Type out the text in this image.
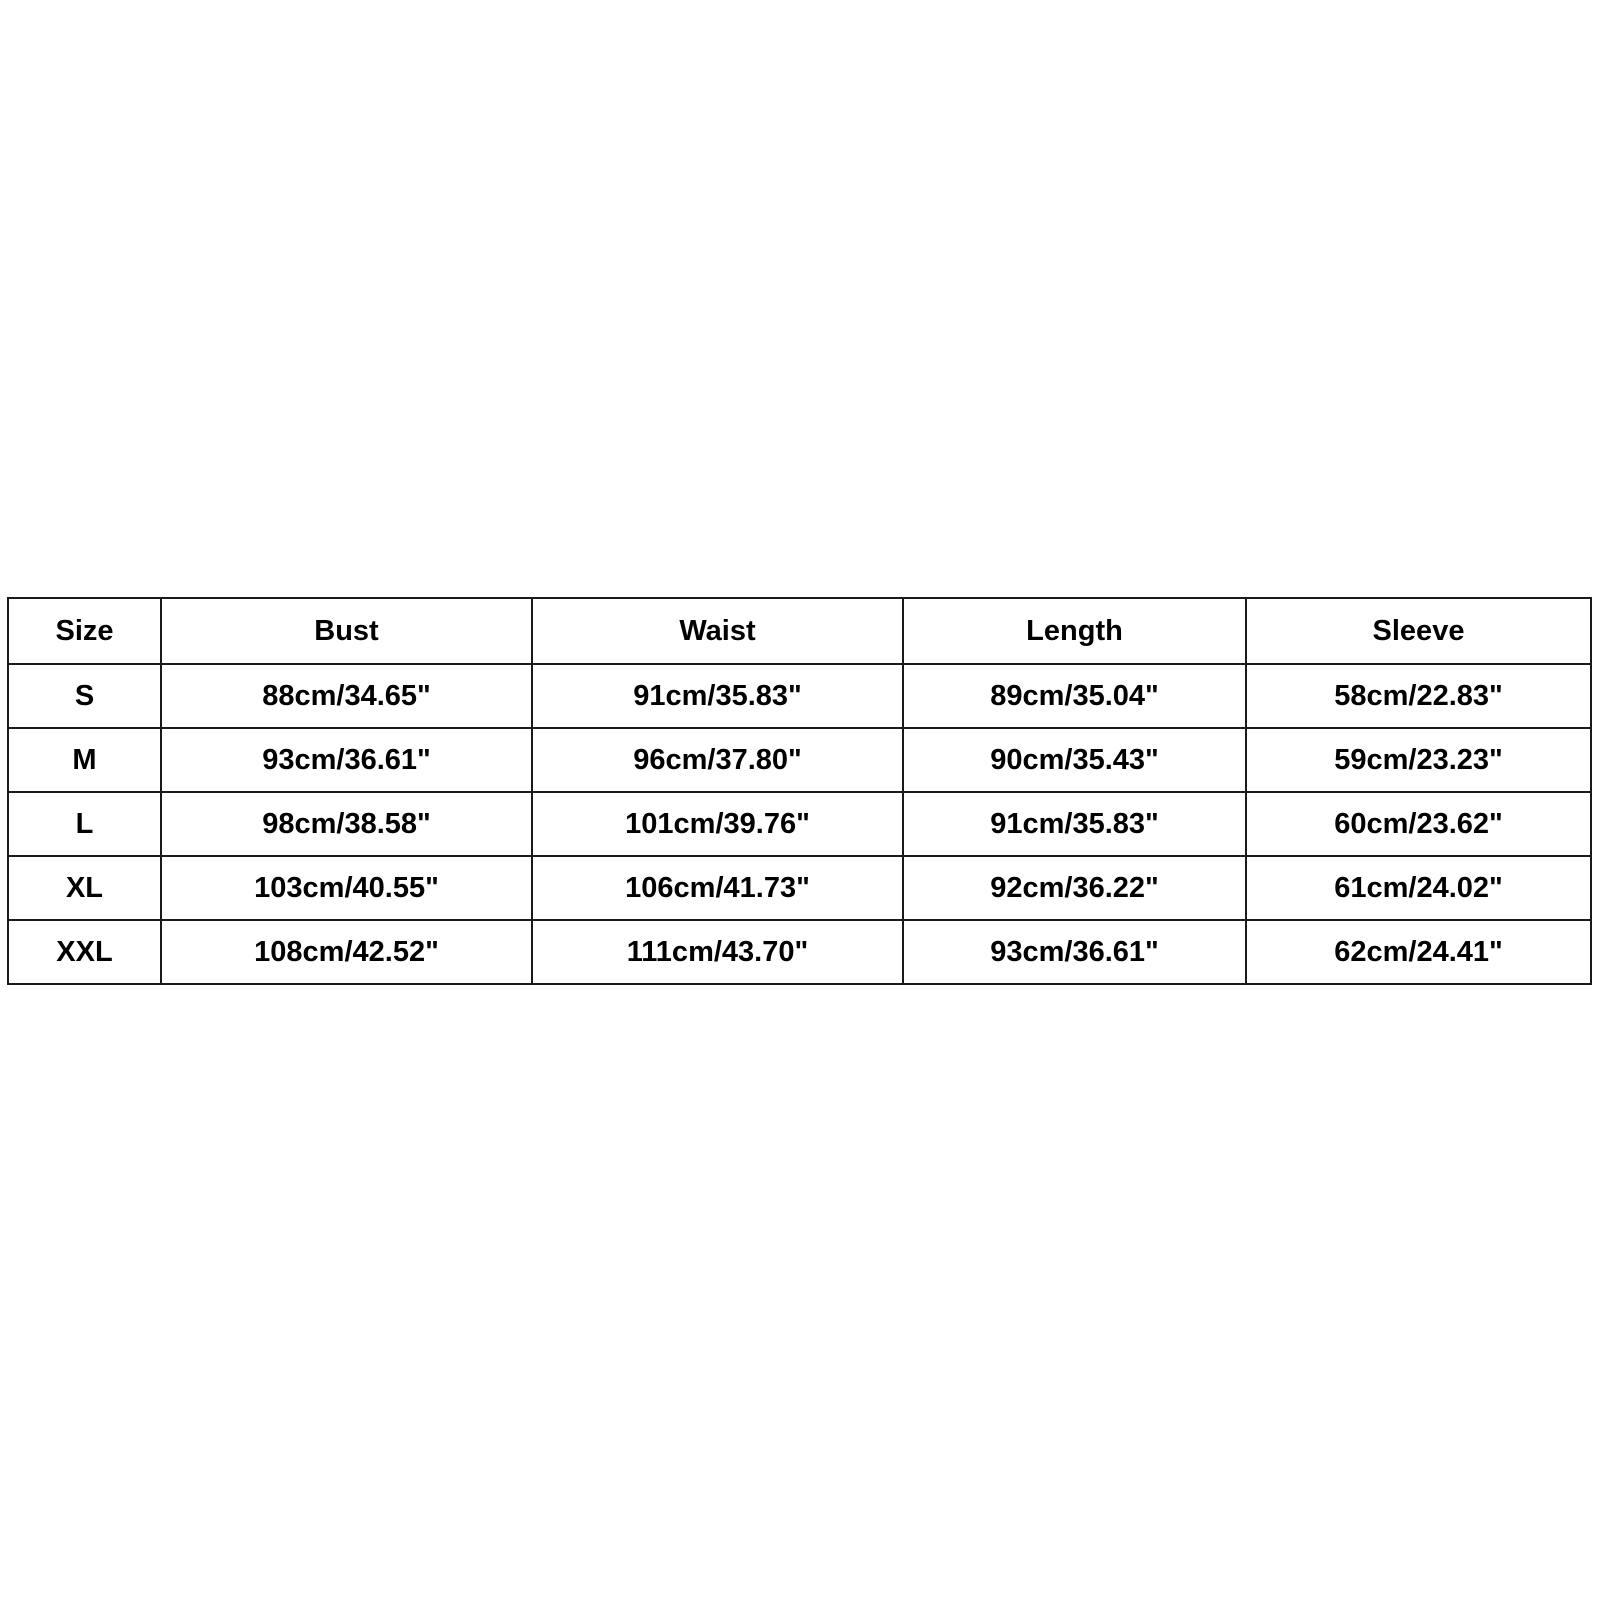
Size	Bust	Waist	Length	Sleeve
S	88cm/34.65"	91cm/35.83"	89cm/35.04"	58cm/22.83"
M	93cm/36.61"	96cm/37.80"	90cm/35.43"	59cm/23.23"
L	98cm/38.58"	101cm/39.76"	91cm/35.83"	60cm/23.62"
XL	103cm/40.55"	106cm/41.73"	92cm/36.22"	61cm/24.02"
XXL	108cm/42.52"	111cm/43.70"	93cm/36.61"	62cm/24.41"
